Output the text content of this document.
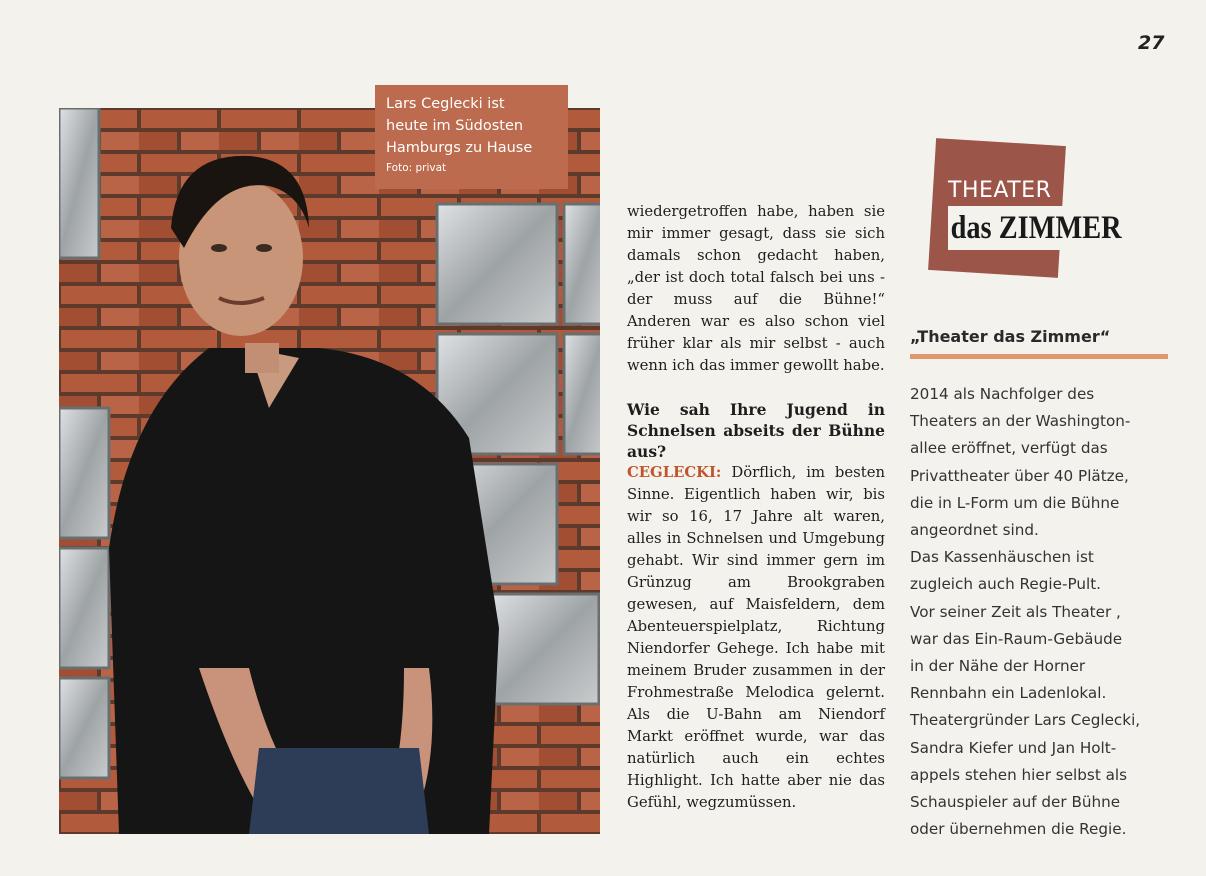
27
Lars Ceglecki ist
heute im Südosten
Hamburgs zu Hause
Foto: privat

wiedergetroffen habe, haben sie mir immer gesagt, dass sie sich damals schon gedacht haben, „der ist doch total falsch bei uns - der muss auf die Bühne!“ Anderen war es also schon viel früher klar als mir selbst - auch wenn ich das immer gewollt habe.

Wie sah Ihre Jugend in Schnelsen abseits der Bühne aus?

CEGLECKI: Dörflich, im besten Sinne. Eigentlich haben wir, bis wir so 16, 17 Jahre alt waren, alles in Schnelsen und Umgebung gehabt. Wir sind immer gern im Grünzug am Brookgraben gewesen, auf Maisfeldern, dem Abenteuerspielplatz, Richtung Niendorfer Gehege. Ich habe mit meinem Bruder zusammen in der Frohmestraße Melodica gelernt. Als die U-Bahn am Niendorf Markt eröffnet wurde, war das natürlich auch ein echtes Highlight. Ich hatte aber nie das Gefühl, wegzumüssen.

THEATER
das ZIMMER
„Theater das Zimmer“
2014 als Nachfolger des
Theaters an der Washington-
allee eröffnet, verfügt das
Privattheater über 40 Plätze,
die in L-Form um die Bühne
angeordnet sind.
Das Kassenhäuschen ist
zugleich auch Regie-Pult.
Vor seiner Zeit als Theater ,
war das Ein-Raum-Gebäude
in der Nähe der Horner
Rennbahn ein Ladenlokal.
Theatergründer Lars Ceglecki,
Sandra Kiefer und Jan Holt-
appels stehen hier selbst als
Schauspieler auf der Bühne
oder übernehmen die Regie.
